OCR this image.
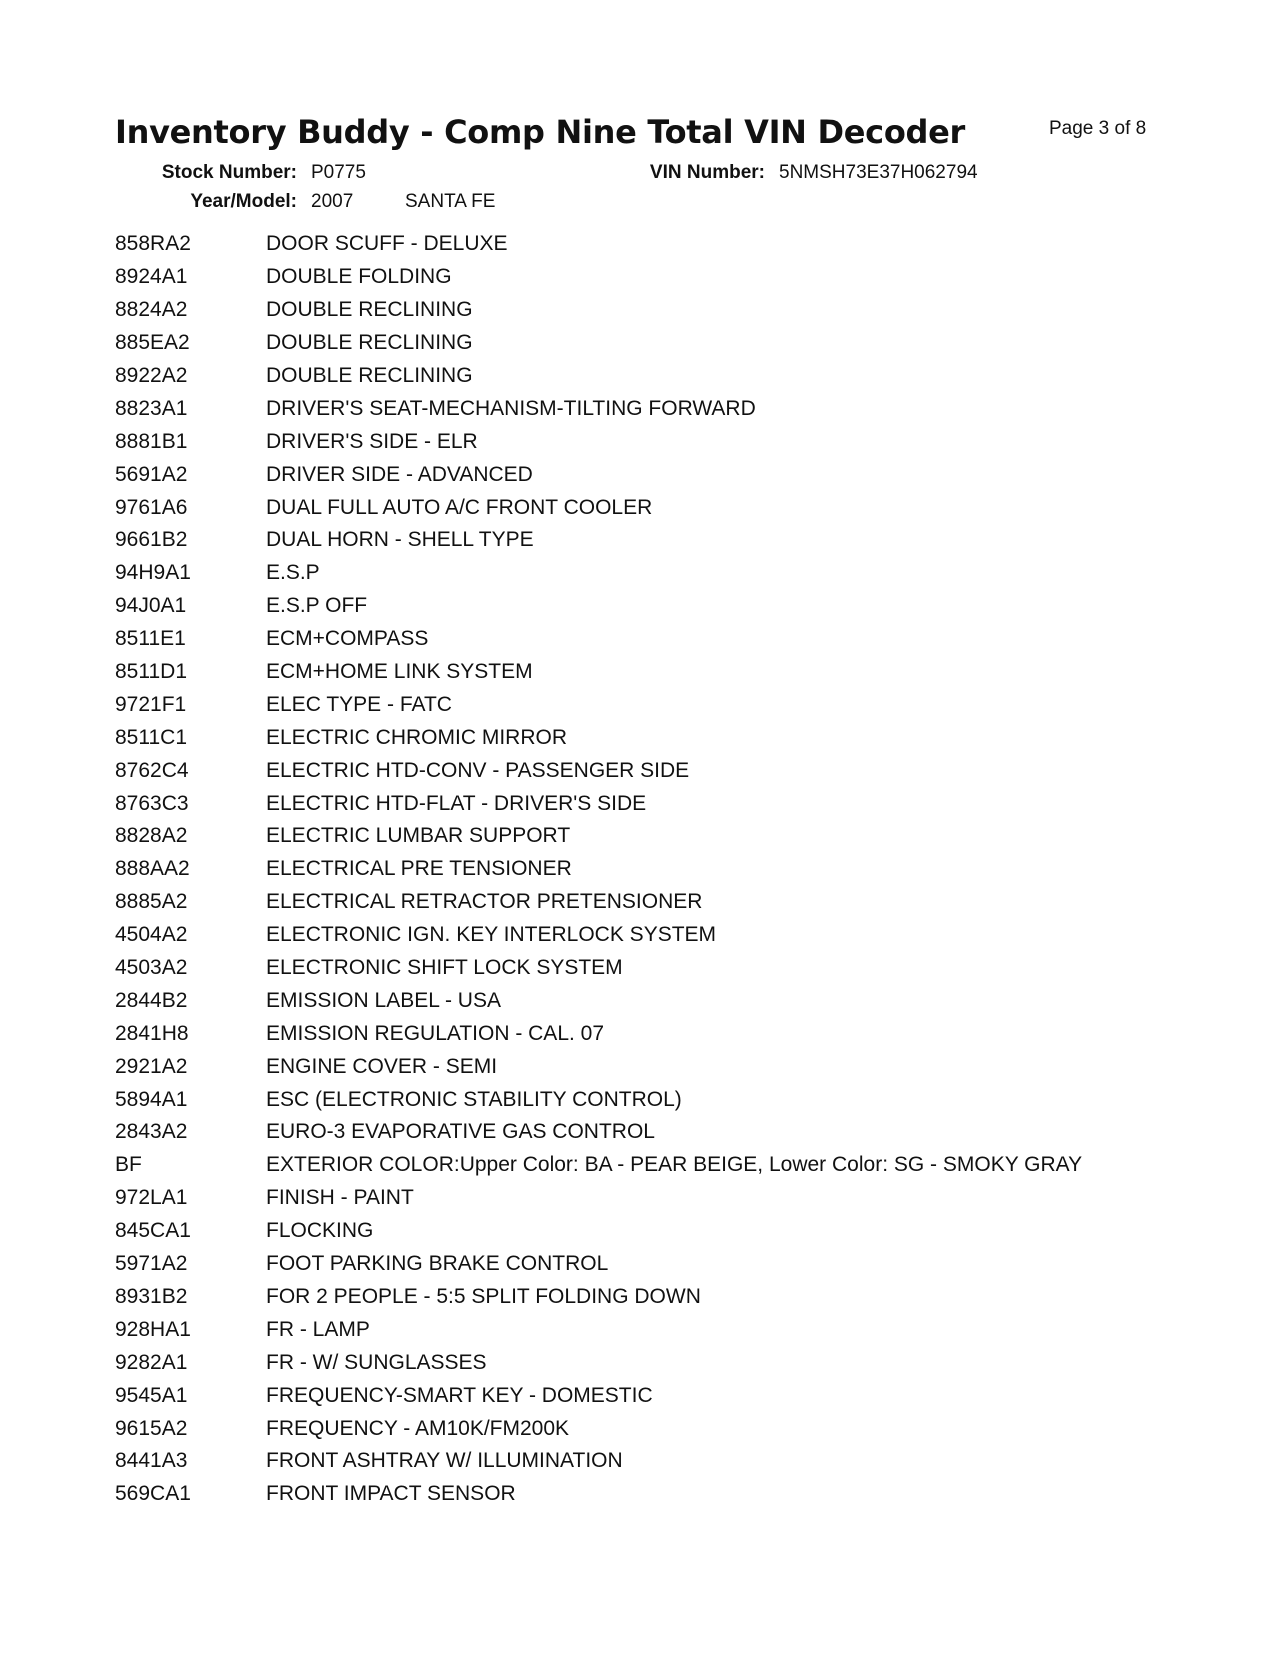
Inventory Buddy - Comp Nine Total VIN Decoder	Page 3 of 8
Stock Number: P0775	VIN Number: 5NMSH73E37H062794
Year/Model: 2007	SANTA FE
858RA2	DOOR SCUFF - DELUXE
8924A1	DOUBLE FOLDING
8824A2	DOUBLE RECLINING
885EA2	DOUBLE RECLINING
8922A2	DOUBLE RECLINING
8823A1	DRIVER'S SEAT-MECHANISM-TILTING FORWARD
8881B1	DRIVER'S SIDE - ELR
5691A2	DRIVER SIDE - ADVANCED
9761A6	DUAL FULL AUTO A/C FRONT COOLER
9661B2	DUAL HORN - SHELL TYPE
94H9A1	E.S.P
94J0A1	E.S.P OFF
8511E1	ECM+COMPASS
8511D1	ECM+HOME LINK SYSTEM
9721F1	ELEC TYPE - FATC
8511C1	ELECTRIC CHROMIC MIRROR
8762C4	ELECTRIC HTD-CONV - PASSENGER SIDE
8763C3	ELECTRIC HTD-FLAT - DRIVER'S SIDE
8828A2	ELECTRIC LUMBAR SUPPORT
888AA2	ELECTRICAL PRE TENSIONER
8885A2	ELECTRICAL RETRACTOR PRETENSIONER
4504A2	ELECTRONIC IGN. KEY INTERLOCK SYSTEM
4503A2	ELECTRONIC SHIFT LOCK SYSTEM
2844B2	EMISSION LABEL - USA
2841H8	EMISSION REGULATION - CAL. 07
2921A2	ENGINE COVER - SEMI
5894A1	ESC (ELECTRONIC STABILITY CONTROL)
2843A2	EURO-3 EVAPORATIVE GAS CONTROL
BF	EXTERIOR COLOR:Upper Color: BA - PEAR BEIGE, Lower Color: SG - SMOKY GRAY
972LA1	FINISH - PAINT
845CA1	FLOCKING
5971A2	FOOT PARKING BRAKE CONTROL
8931B2	FOR 2 PEOPLE - 5:5 SPLIT FOLDING DOWN
928HA1	FR - LAMP
9282A1	FR - W/ SUNGLASSES
9545A1	FREQUENCY-SMART KEY - DOMESTIC
9615A2	FREQUENCY - AM10K/FM200K
8441A3	FRONT ASHTRAY W/ ILLUMINATION
569CA1	FRONT IMPACT SENSOR
